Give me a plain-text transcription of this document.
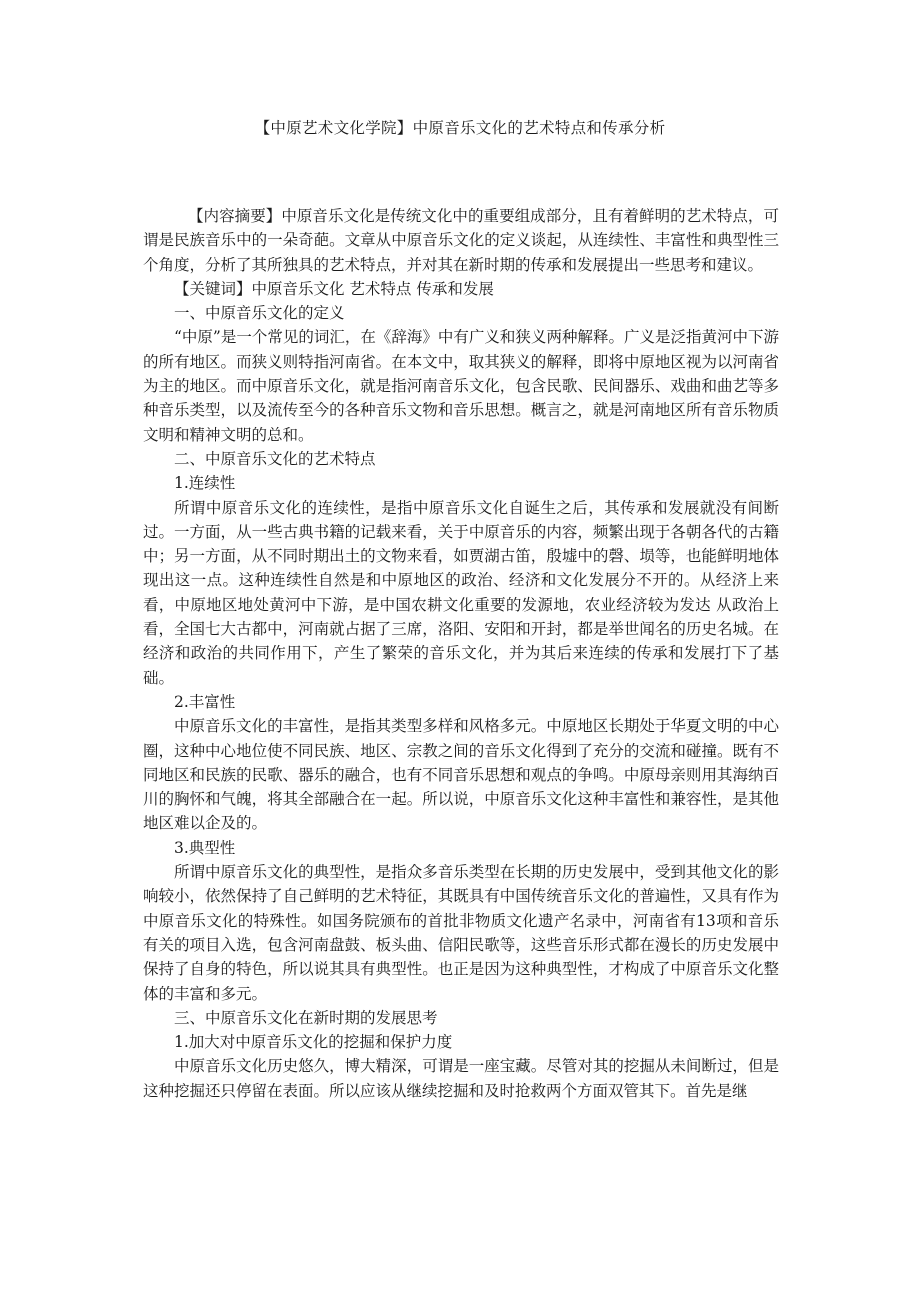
【中原艺术文化学院】中原音乐文化的艺术特点和传承分析

【内容摘要】中原音乐文化是传统文化中的重要组成部分，且有着鲜明的艺术特点，可谓是民族音乐中的一朵奇葩。文章从中原音乐文化的定义谈起，从连续性、丰富性和典型性三个角度，分析了其所独具的艺术特点，并对其在新时期的传承和发展提出一些思考和建议。

【关键词】中原音乐文化 艺术特点 传承和发展

一、中原音乐文化的定义

“中原”是一个常见的词汇，在《辞海》中有广义和狭义两种解释。广义是泛指黄河中下游的所有地区。而狭义则特指河南省。在本文中，取其狭义的解释，即将中原地区视为以河南省为主的地区。而中原音乐文化，就是指河南音乐文化，包含民歌、民间器乐、戏曲和曲艺等多种音乐类型，以及流传至今的各种音乐文物和音乐思想。概言之，就是河南地区所有音乐物质文明和精神文明的总和。

二、中原音乐文化的艺术特点
1.连续性

所谓中原音乐文化的连续性，是指中原音乐文化自诞生之后，其传承和发展就没有间断过。一方面，从一些古典书籍的记载来看，关于中原音乐的内容，频繁出现于各朝各代的古籍中；另一方面，从不同时期出土的文物来看，如贾湖古笛，殷墟中的磬、埙等，也能鲜明地体现出这一点。这种连续性自然是和中原地区的政治、经济和文化发展分不开的。从经济上来看，中原地区地处黄河中下游，是中国农耕文化重要的发源地，农业经济较为发达 从政治上看，全国七大古都中，河南就占据了三席，洛阳、安阳和开封，都是举世闻名的历史名城。在经济和政治的共同作用下，产生了繁荣的音乐文化，并为其后来连续的传承和发展打下了基础。

2.丰富性

中原音乐文化的丰富性，是指其类型多样和风格多元。中原地区长期处于华夏文明的中心圈，这种中心地位使不同民族、地区、宗教之间的音乐文化得到了充分的交流和碰撞。既有不同地区和民族的民歌、器乐的融合，也有不同音乐思想和观点的争鸣。中原母亲则用其海纳百川的胸怀和气魄，将其全部融合在一起。所以说，中原音乐文化这种丰富性和兼容性，是其他地区难以企及的。

3.典型性

所谓中原音乐文化的典型性，是指众多音乐类型在长期的历史发展中，受到其他文化的影响较小，依然保持了自己鲜明的艺术特征，其既具有中国传统音乐文化的普遍性，又具有作为中原音乐文化的特殊性。如国务院颁布的首批非物质文化遗产名录中，河南省有13项和音乐有关的项目入选，包含河南盘鼓、板头曲、信阳民歌等，这些音乐形式都在漫长的历史发展中保持了自身的特色，所以说其具有典型性。也正是因为这种典型性，才构成了中原音乐文化整体的丰富和多元。

三、中原音乐文化在新时期的发展思考
1.加大对中原音乐文化的挖掘和保护力度

中原音乐文化历史悠久，博大精深，可谓是一座宝藏。尽管对其的挖掘从未间断过，但是这种挖掘还只停留在表面。所以应该从继续挖掘和及时抢救两个方面双管其下。首先是继
